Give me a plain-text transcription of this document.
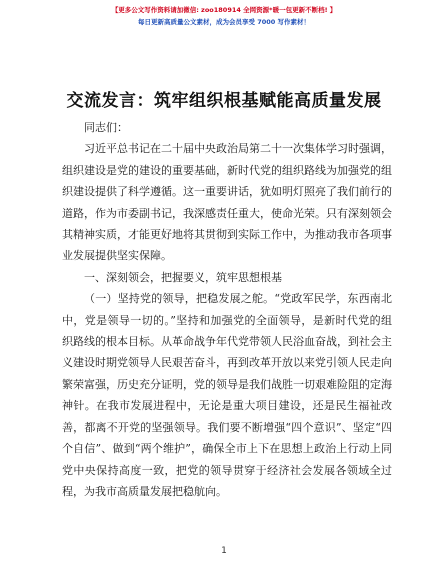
【更多公文写作资料请加微信: zoo180914 全网资源*暖一包更新不断档! 】
每日更新高质量公文素材，成为会员享受 7000 写作素材！
交流发言：筑牢组织根基赋能高质量发展

同志们：

习近平总书记在二十届中央政治局第二十一次集体学习时强调，组织建设是党的建设的重要基础，新时代党的组织路线为加强党的组织建设提供了科学遵循。这一重要讲话，犹如明灯照亮了我们前行的道路，作为市委副书记，我深感责任重大，使命光荣。只有深刻领会其精神实质，才能更好地将其贯彻到实际工作中，为推动我市各项事业发展提供坚实保障。

一、深刻领会，把握要义，筑牢思想根基

（一）坚持党的领导，把稳发展之舵。“党政军民学，东西南北中，党是领导一切的。”坚持和加强党的全面领导，是新时代党的组织路线的根本目标。从革命战争年代党带领人民浴血奋战，到社会主义建设时期党领导人民艰苦奋斗，再到改革开放以来党引领人民走向繁荣富强，历史充分证明，党的领导是我们战胜一切艰难险阻的定海神针。在我市发展进程中，无论是重大项目建设，还是民生福祉改善，都离不开党的坚强领导。我们要不断增强“四个意识”、坚定“四个自信”、做到“两个维护”，确保全市上下在思想上政治上行动上同党中央保持高度一致，把党的领导贯穿于经济社会发展各领域全过程，为我市高质量发展把稳航向。

1
